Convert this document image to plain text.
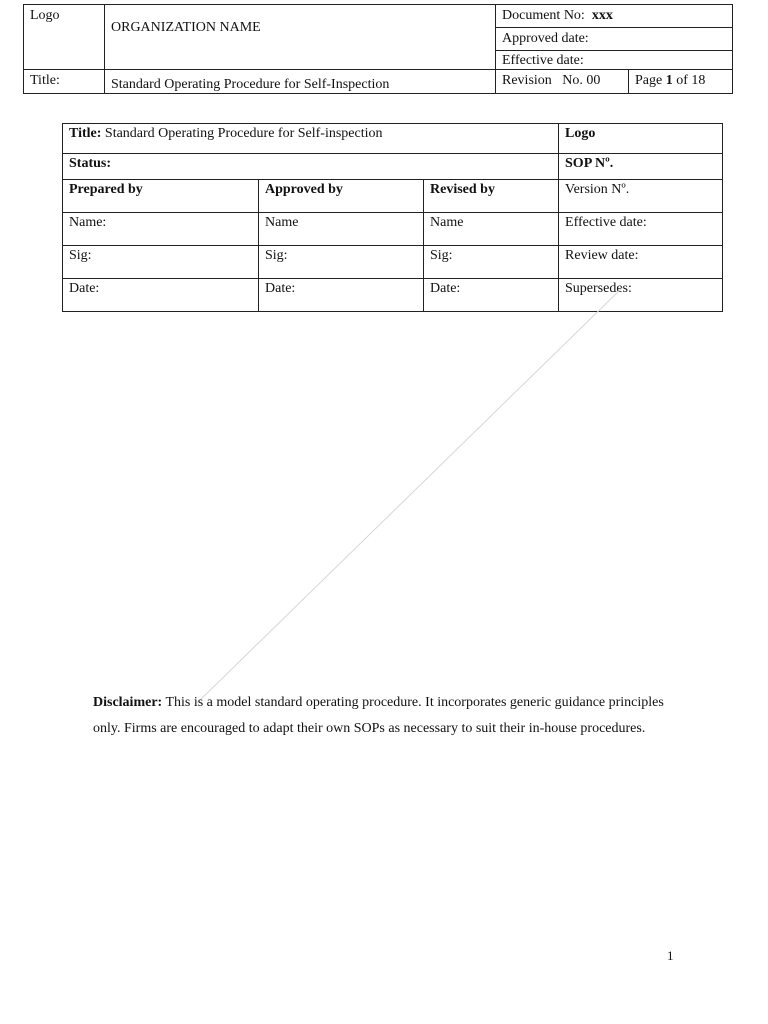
Logo	ORGANIZATION NAME	Document No: xxx	
		Approved date:	
		Effective date:	
Title:	Standard Operating Procedure for Self-Inspection	Revision No. 00	Page 1 of 18
Title: Standard Operating Procedure for Self-inspection			Logo
Status:			SOP Nº.
Prepared by	Approved by	Revised by	Version Nº.
Name:	Name	Name	Effective date:
Sig:	Sig:	Sig:	Review date:
Date:	Date:	Date:	Supersedes:
Disclaimer: This is a model standard operating procedure. It incorporates generic guidance principles only. Firms are encouraged to adapt their own SOPs as necessary to suit their in-house procedures.
1
